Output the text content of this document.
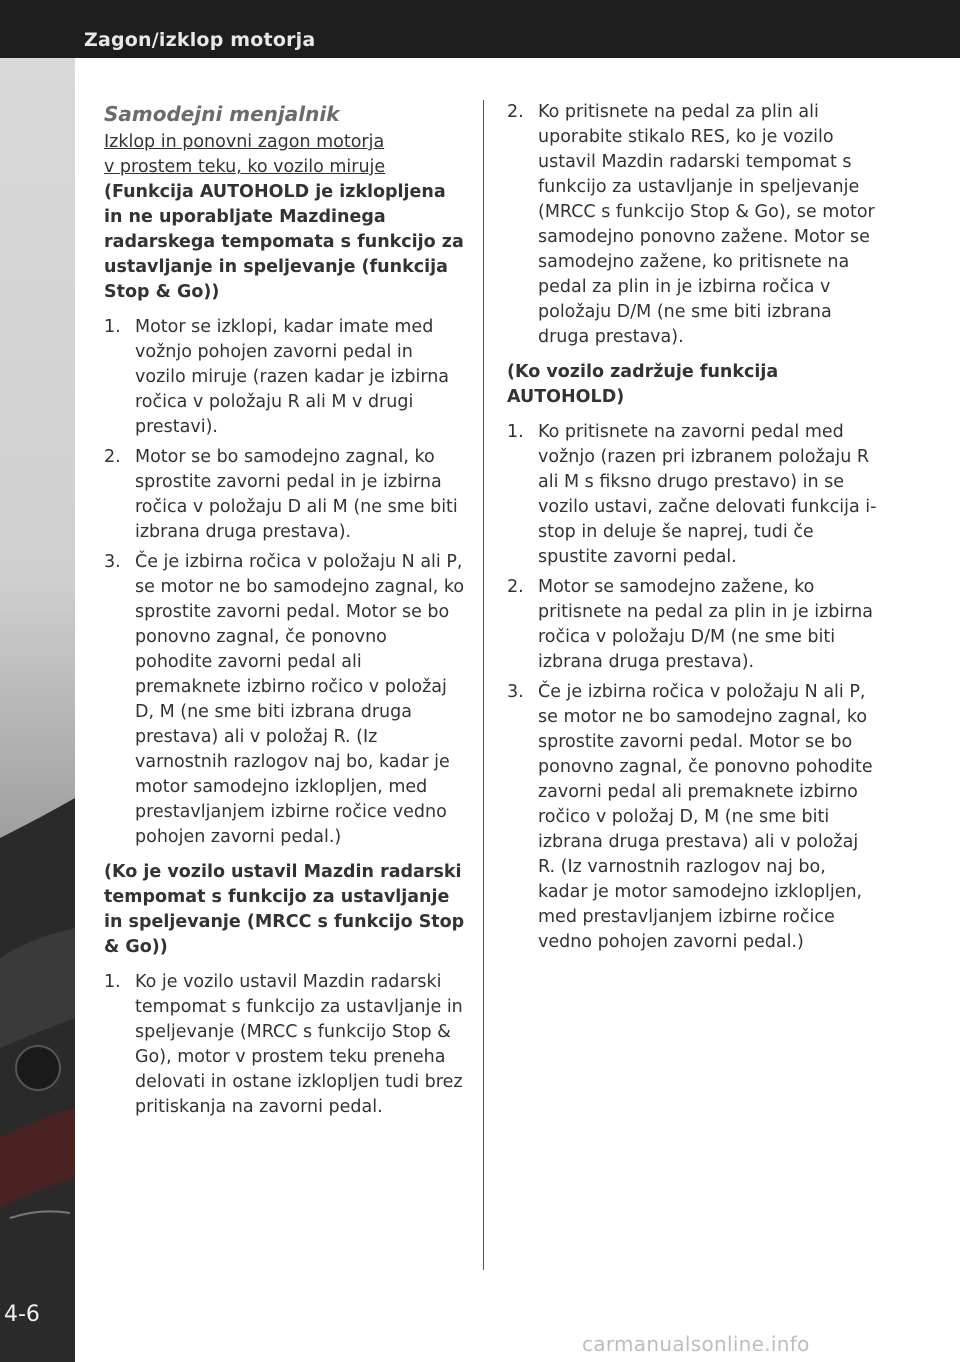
Zagon/izklop motorja
4-6
Samodejni menjalnik
Izklop in ponovni zagon motorja
v prostem teku, ko vozilo miruje
(Funkcija AUTOHOLD je izklopljena in ne uporabljate Mazdinega radarskega tempomata s funkcijo za ustavljanje in speljevanje (funkcija Stop & Go))
1. Motor se izklopi, kadar imate med vožnjo pohojen zavorni pedal in vozilo miruje (razen kadar je izbirna ročica v položaju R ali M v drugi prestavi).
2. Motor se bo samodejno zagnal, ko sprostite zavorni pedal in je izbirna ročica v položaju D ali M (ne sme biti izbrana druga prestava).
3. Če je izbirna ročica v položaju N ali P, se motor ne bo samodejno zagnal, ko sprostite zavorni pedal. Motor se bo ponovno zagnal, če ponovno pohodite zavorni pedal ali premaknete izbirno ročico v položaj D, M (ne sme biti izbrana druga prestava) ali v položaj R. (Iz varnostnih razlogov naj bo, kadar je motor samodejno izklopljen, med prestavljanjem izbirne ročice vedno pohojen zavorni pedal.)
(Ko je vozilo ustavil Mazdin radarski tempomat s funkcijo za ustavljanje in speljevanje (MRCC s funkcijo Stop & Go))
1. Ko je vozilo ustavil Mazdin radarski tempomat s funkcijo za ustavljanje in speljevanje (MRCC s funkcijo Stop & Go), motor v prostem teku preneha delovati in ostane izklopljen tudi brez pritiskanja na zavorni pedal.
2. Ko pritisnete na pedal za plin ali uporabite stikalo RES, ko je vozilo ustavil Mazdin radarski tempomat s funkcijo za ustavljanje in speljevanje (MRCC s funkcijo Stop & Go), se motor samodejno ponovno zažene. Motor se samodejno zažene, ko pritisnete na pedal za plin in je izbirna ročica v položaju D/M (ne sme biti izbrana druga prestava).
(Ko vozilo zadržuje funkcija AUTOHOLD)
1. Ko pritisnete na zavorni pedal med vožnjo (razen pri izbranem položaju R ali M s fiksno drugo prestavo) in se vozilo ustavi, začne delovati funkcija i-stop in deluje še naprej, tudi če spustite zavorni pedal.
2. Motor se samodejno zažene, ko pritisnete na pedal za plin in je izbirna ročica v položaju D/M (ne sme biti izbrana druga prestava).
3. Če je izbirna ročica v položaju N ali P, se motor ne bo samodejno zagnal, ko sprostite zavorni pedal. Motor se bo ponovno zagnal, če ponovno pohodite zavorni pedal ali premaknete izbirno ročico v položaj D, M (ne sme biti izbrana druga prestava) ali v položaj R. (Iz varnostnih razlogov naj bo, kadar je motor samodejno izklopljen, med prestavljanjem izbirne ročice vedno pohojen zavorni pedal.)
carmanualsonline.info
